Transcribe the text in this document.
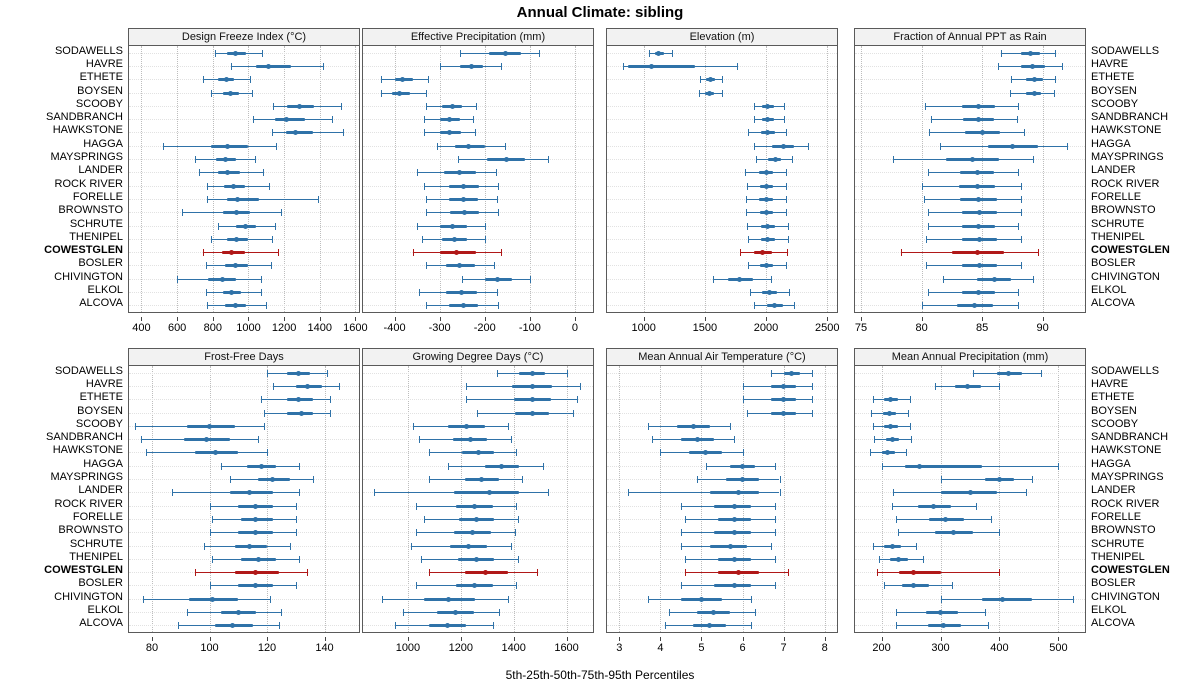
Annual Climate: sibling
5th-25th-50th-75th-95th Percentiles
Design Freeze Index (°C)
400 600 800 1000 1200 1400 1600
Effective Precipitation (mm)
-400 -300 -200 -100	0
Elevation (m)
1000	1500	2000	2500
Fraction of Annual PPT as Rain
75	80	85	90
Frost-Free Days
80	100	120	140
Growing Degree Days (°C)
1000	1200	1400	1600
Mean Annual Air Temperature (°C)
3	4	5	6	7	8
Mean Annual Precipitation (mm)
200	300	400	500
SODAWELLS	SODAWELLS
HAVRE	HAVRE
ETHETE	ETHETE
BOYSEN	BOYSEN
SCOOBY	SCOOBY
SANDBRANCH	SANDBRANCH
HAWKSTONE	HAWKSTONE
HAGGA	HAGGA
MAYSPRINGS	MAYSPRINGS
LANDER	LANDER
ROCK RIVER	ROCK RIVER
FORELLE	FORELLE
BROWNSTO	BROWNSTO
SCHRUTE	SCHRUTE
THENIPEL	THENIPEL
COWESTGLEN	COWESTGLEN
BOSLER	BOSLER
CHIVINGTON	CHIVINGTON
ELKOL	ELKOL
ALCOVA	ALCOVA
SODAWELLS	SODAWELLS
HAVRE	HAVRE
ETHETE	ETHETE
BOYSEN	BOYSEN
SCOOBY	SCOOBY
SANDBRANCH	SANDBRANCH
HAWKSTONE	HAWKSTONE
HAGGA	HAGGA
MAYSPRINGS	MAYSPRINGS
LANDER	LANDER
ROCK RIVER	ROCK RIVER
FORELLE	FORELLE
BROWNSTO	BROWNSTO
SCHRUTE	SCHRUTE
THENIPEL	THENIPEL
COWESTGLEN	COWESTGLEN
BOSLER	BOSLER
CHIVINGTON	CHIVINGTON
ELKOL	ELKOL
ALCOVA	ALCOVA
